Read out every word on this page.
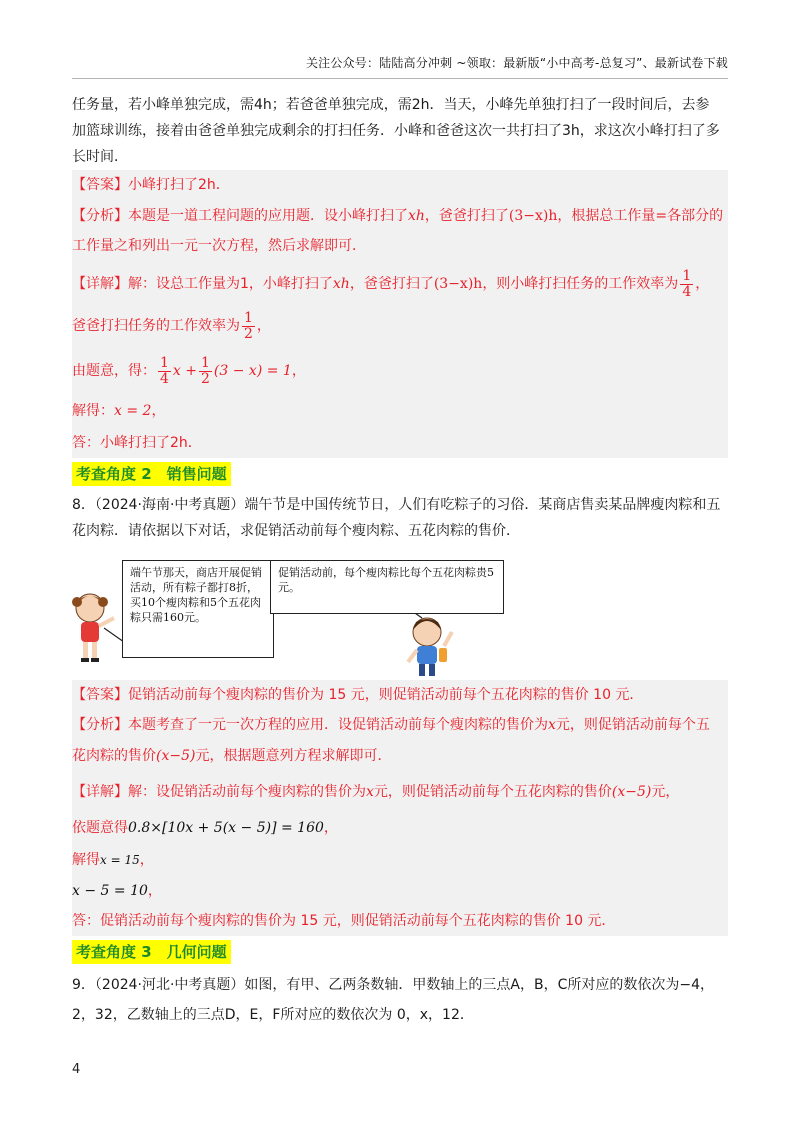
关注公众号：陆陆高分冲刺 ~领取：最新版“小中高考-总复习”、最新试卷下载

任务量，若小峰单独完成，需4h；若爸爸单独完成，需2h．当天，小峰先单独打扫了一段时间后，去参

加篮球训练，接着由爸爸单独完成剩余的打扫任务．小峰和爸爸这次一共打扫了3h，求这次小峰打扫了多

长时间．

【答案】小峰打扫了2h．

【分析】本题是一道工程问题的应用题．设小峰打扫了xh，爸爸打扫了(3−x)h，根据总工作量=各部分的

工作量之和列出一元一次方程，然后求解即可．

【详解】解：设总工作量为1，小峰打扫了xh，爸爸打扫了(3−x)h，则小峰打扫任务的工作效率为 $\frac{1}{4}$ ，

爸爸打扫任务的工作效率为 $\frac{1}{2}$ ，

由题意，得： $\frac{1}{4}$ $x + \frac{1}{2} (3 - x) = 1$，

解得：x = 2，

答：小峰打扫了2h．

考查角度 2　销售问题

8．（2024·海南·中考真题）端午节是中国传统节日，人们有吃粽子的习俗．某商店售卖某品牌瘦肉粽和五

花肉粽．请依据以下对话，求促销活动前每个瘦肉粽、五花肉粽的售价．

端午节那天，商店开展促销活动，所有粽子都打8折，买10个瘦肉粽和5个五花肉粽只需160元。
促销活动前，每个瘦肉粽比每个五花肉粽贵5元。

【答案】促销活动前每个瘦肉粽的售价为 15 元，则促销活动前每个五花肉粽的售价 10 元．

【分析】本题考查了一元一次方程的应用．设促销活动前每个瘦肉粽的售价为x元，则促销活动前每个五

花肉粽的售价(x−5)元，根据题意列方程求解即可．

【详解】解：设促销活动前每个瘦肉粽的售价为x元，则促销活动前每个五花肉粽的售价(x−5)元，

依题意得0.8×[10x + 5(x − 5)] = 160，

解得x = 15，

x − 5 = 10，

答：促销活动前每个瘦肉粽的售价为 15 元，则促销活动前每个五花肉粽的售价 10 元．

考查角度 3　几何问题

9．（2024·河北·中考真题）如图，有甲、乙两条数轴．甲数轴上的三点A，B，C所对应的数依次为−4，

2，32，乙数轴上的三点D，E，F所对应的数依次为 0，x，12．

4
